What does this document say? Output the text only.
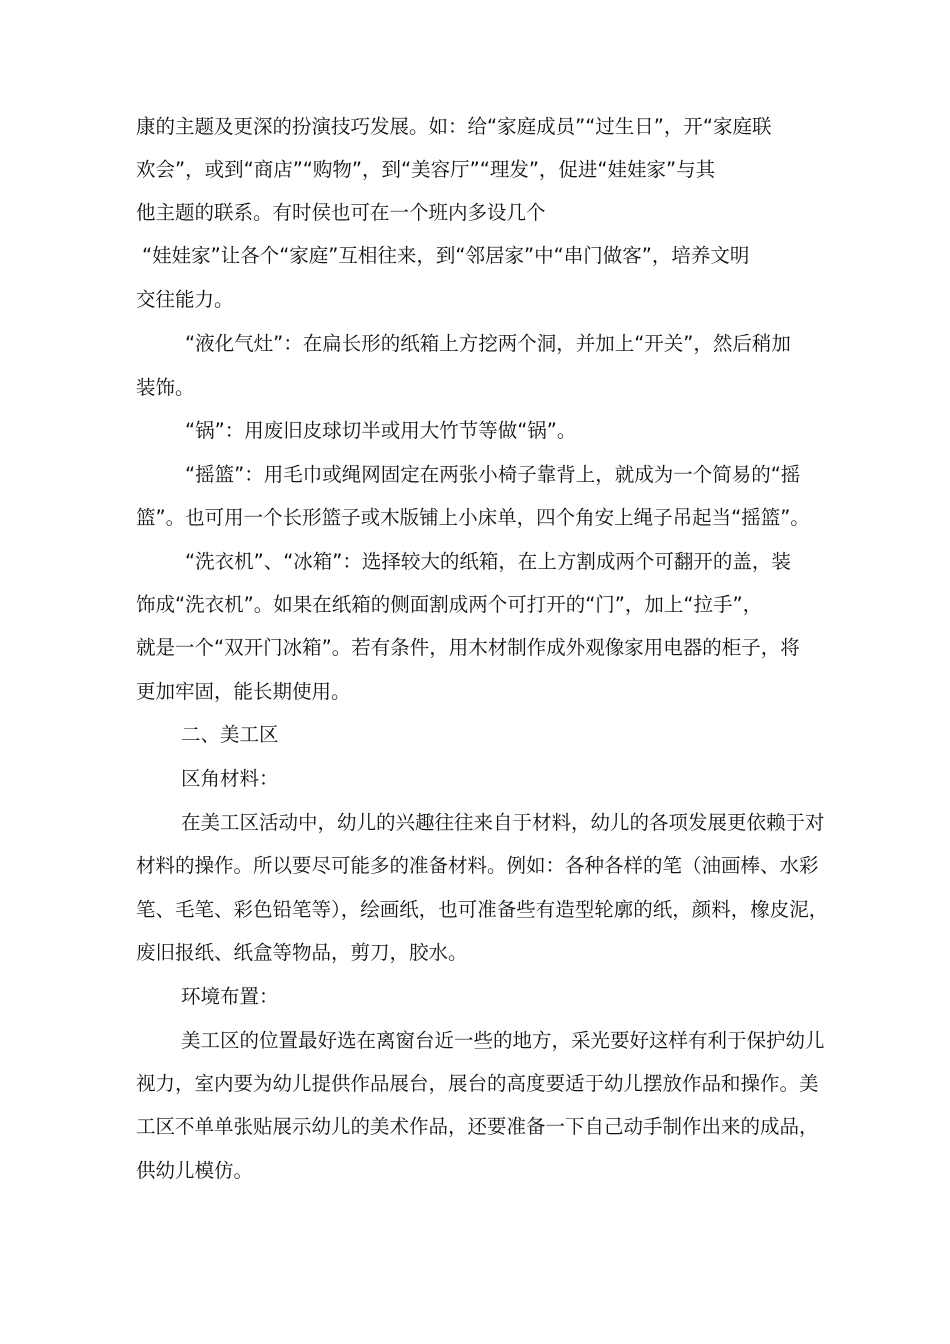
康的主题及更深的扮演技巧发展。如：给“家庭成员”“过生日”，开“家庭联
欢会”，或到“商店”“购物”，到“美容厅”“理发”，促进“娃娃家”与其
他主题的联系。有时侯也可在一个班内多设几个
“娃娃家”让各个“家庭”互相往来，到“邻居家”中“串门做客”，培养文明
交往能力。
“液化气灶”：在扁长形的纸箱上方挖两个洞，并加上“开关”，然后稍加
装饰。
“锅”：用废旧皮球切半或用大竹节等做“锅”。
“摇篮”：用毛巾或绳网固定在两张小椅子靠背上，就成为一个简易的“摇
篮”。也可用一个长形篮子或木版铺上小床单，四个角安上绳子吊起当“摇篮”。
“洗衣机”、“冰箱”：选择较大的纸箱，在上方割成两个可翻开的盖，装
饰成“洗衣机”。如果在纸箱的侧面割成两个可打开的“门”，加上“拉手”，
就是一个“双开门冰箱”。若有条件，用木材制作成外观像家用电器的柜子，将
更加牢固，能长期使用。
二、美工区
区角材料：
在美工区活动中，幼儿的兴趣往往来自于材料，幼儿的各项发展更依赖于对
材料的操作。所以要尽可能多的准备材料。例如：各种各样的笔（油画棒、水彩
笔、毛笔、彩色铅笔等），绘画纸，也可准备些有造型轮廓的纸，颜料，橡皮泥，
废旧报纸、纸盒等物品，剪刀，胶水。
环境布置：
美工区的位置最好选在离窗台近一些的地方，采光要好这样有利于保护幼儿
视力，室内要为幼儿提供作品展台，展台的高度要适于幼儿摆放作品和操作。美
工区不单单张贴展示幼儿的美术作品，还要准备一下自己动手制作出来的成品，
供幼儿模仿。
